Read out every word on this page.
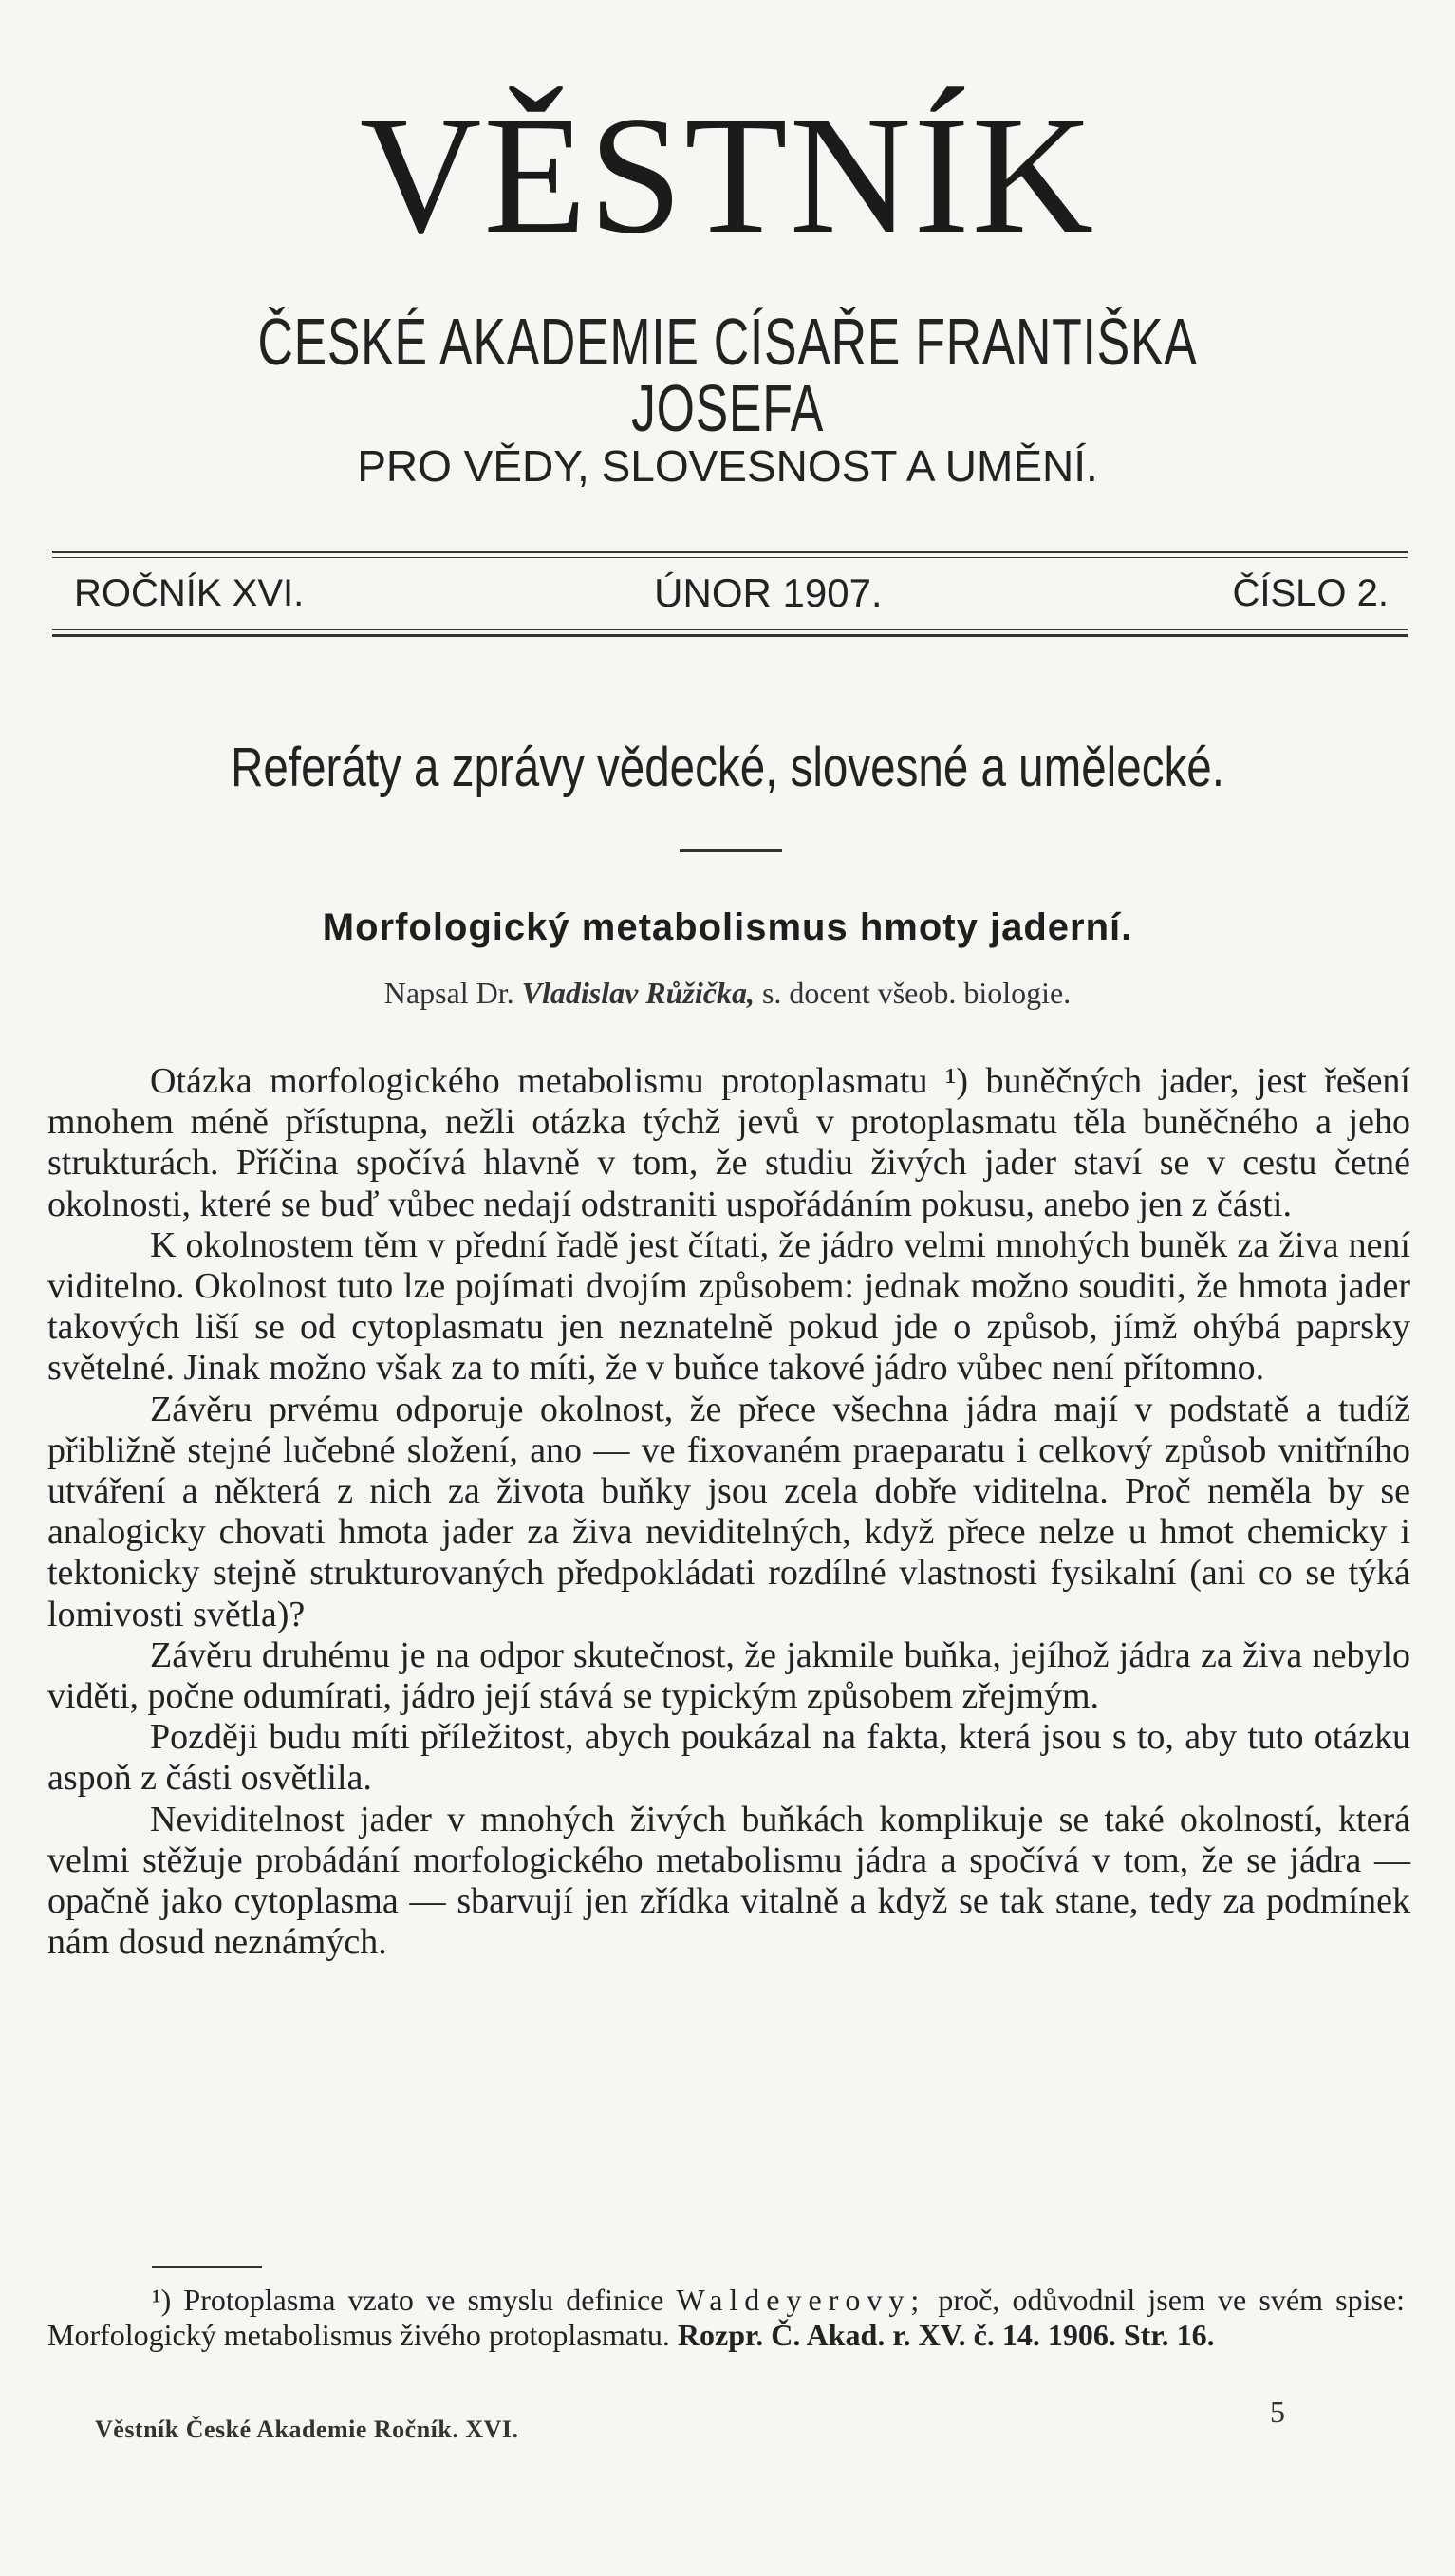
VĚSTNÍK
ČESKÉ AKADEMIE CÍSAŘE FRANTIŠKA JOSEFA
PRO VĚDY, SLOVESNOST A UMĚNÍ.
ROČNÍK XVI.	ÚNOR 1907.	ČÍSLO 2.
Referáty a zprávy vědecké, slovesné a umělecké.
Morfologický metabolismus hmoty jaderní.
Napsal Dr. Vladislav Růžička, s. docent všeob. biologie.

Otázka morfologického metabolismu protoplasmatu ¹) buněčných jader, jest řešení mnohem méně přístupna, nežli otázka týchž jevů v protoplasmatu těla buněčného a jeho strukturách. Příčina spočívá hlavně v tom, že studiu živých jader staví se v cestu četné okolnosti, které se buď vůbec nedají odstraniti uspořádáním pokusu, anebo jen z části.

K okolnostem těm v přední řadě jest čítati, že jádro velmi mnohých buněk za živa není viditelno. Okolnost tuto lze pojímati dvojím způsobem: jednak možno souditi, že hmota jader takových liší se od cytoplasmatu jen neznatelně pokud jde o způsob, jímž ohýbá paprsky světelné. Jinak možno však za to míti, že v buňce takové jádro vůbec není přítomno.

Závěru prvému odporuje okolnost, že přece všechna jádra mají v podstatě a tudíž přibližně stejné lučebné složení, ano — ve fixovaném praeparatu i celkový způsob vnitřního utváření a některá z nich za života buňky jsou zcela dobře viditelna. Proč neměla by se analogicky chovati hmota jader za živa neviditelných, když přece nelze u hmot chemicky i tektonicky stejně strukturovaných předpokládati rozdílné vlastnosti fysikalní (ani co se týká lomivosti světla)?

Závěru druhému je na odpor skutečnost, že jakmile buňka, jejíhož jádra za živa nebylo viděti, počne odumírati, jádro její stává se typickým způsobem zřejmým.

Později budu míti příležitost, abych poukázal na fakta, která jsou s to, aby tuto otázku aspoň z části osvětlila.

Neviditelnost jader v mnohých živých buňkách komplikuje se také okolností, která velmi stěžuje probádání morfologického metabolismu jádra a spočívá v tom, že se jádra — opačně jako cytoplasma — sbarvují jen zřídka vitalně a když se tak stane, tedy za podmínek nám dosud neznámých.

¹) Protoplasma vzato ve smyslu definice Waldeyerovy; proč, odůvodnil jsem ve svém spise: Morfologický metabolismus živého protoplasmatu. Rozpr. Č. Akad. r. XV. č. 14. 1906. Str. 16.
Věstník České Akademie Ročník. XVI.
5
